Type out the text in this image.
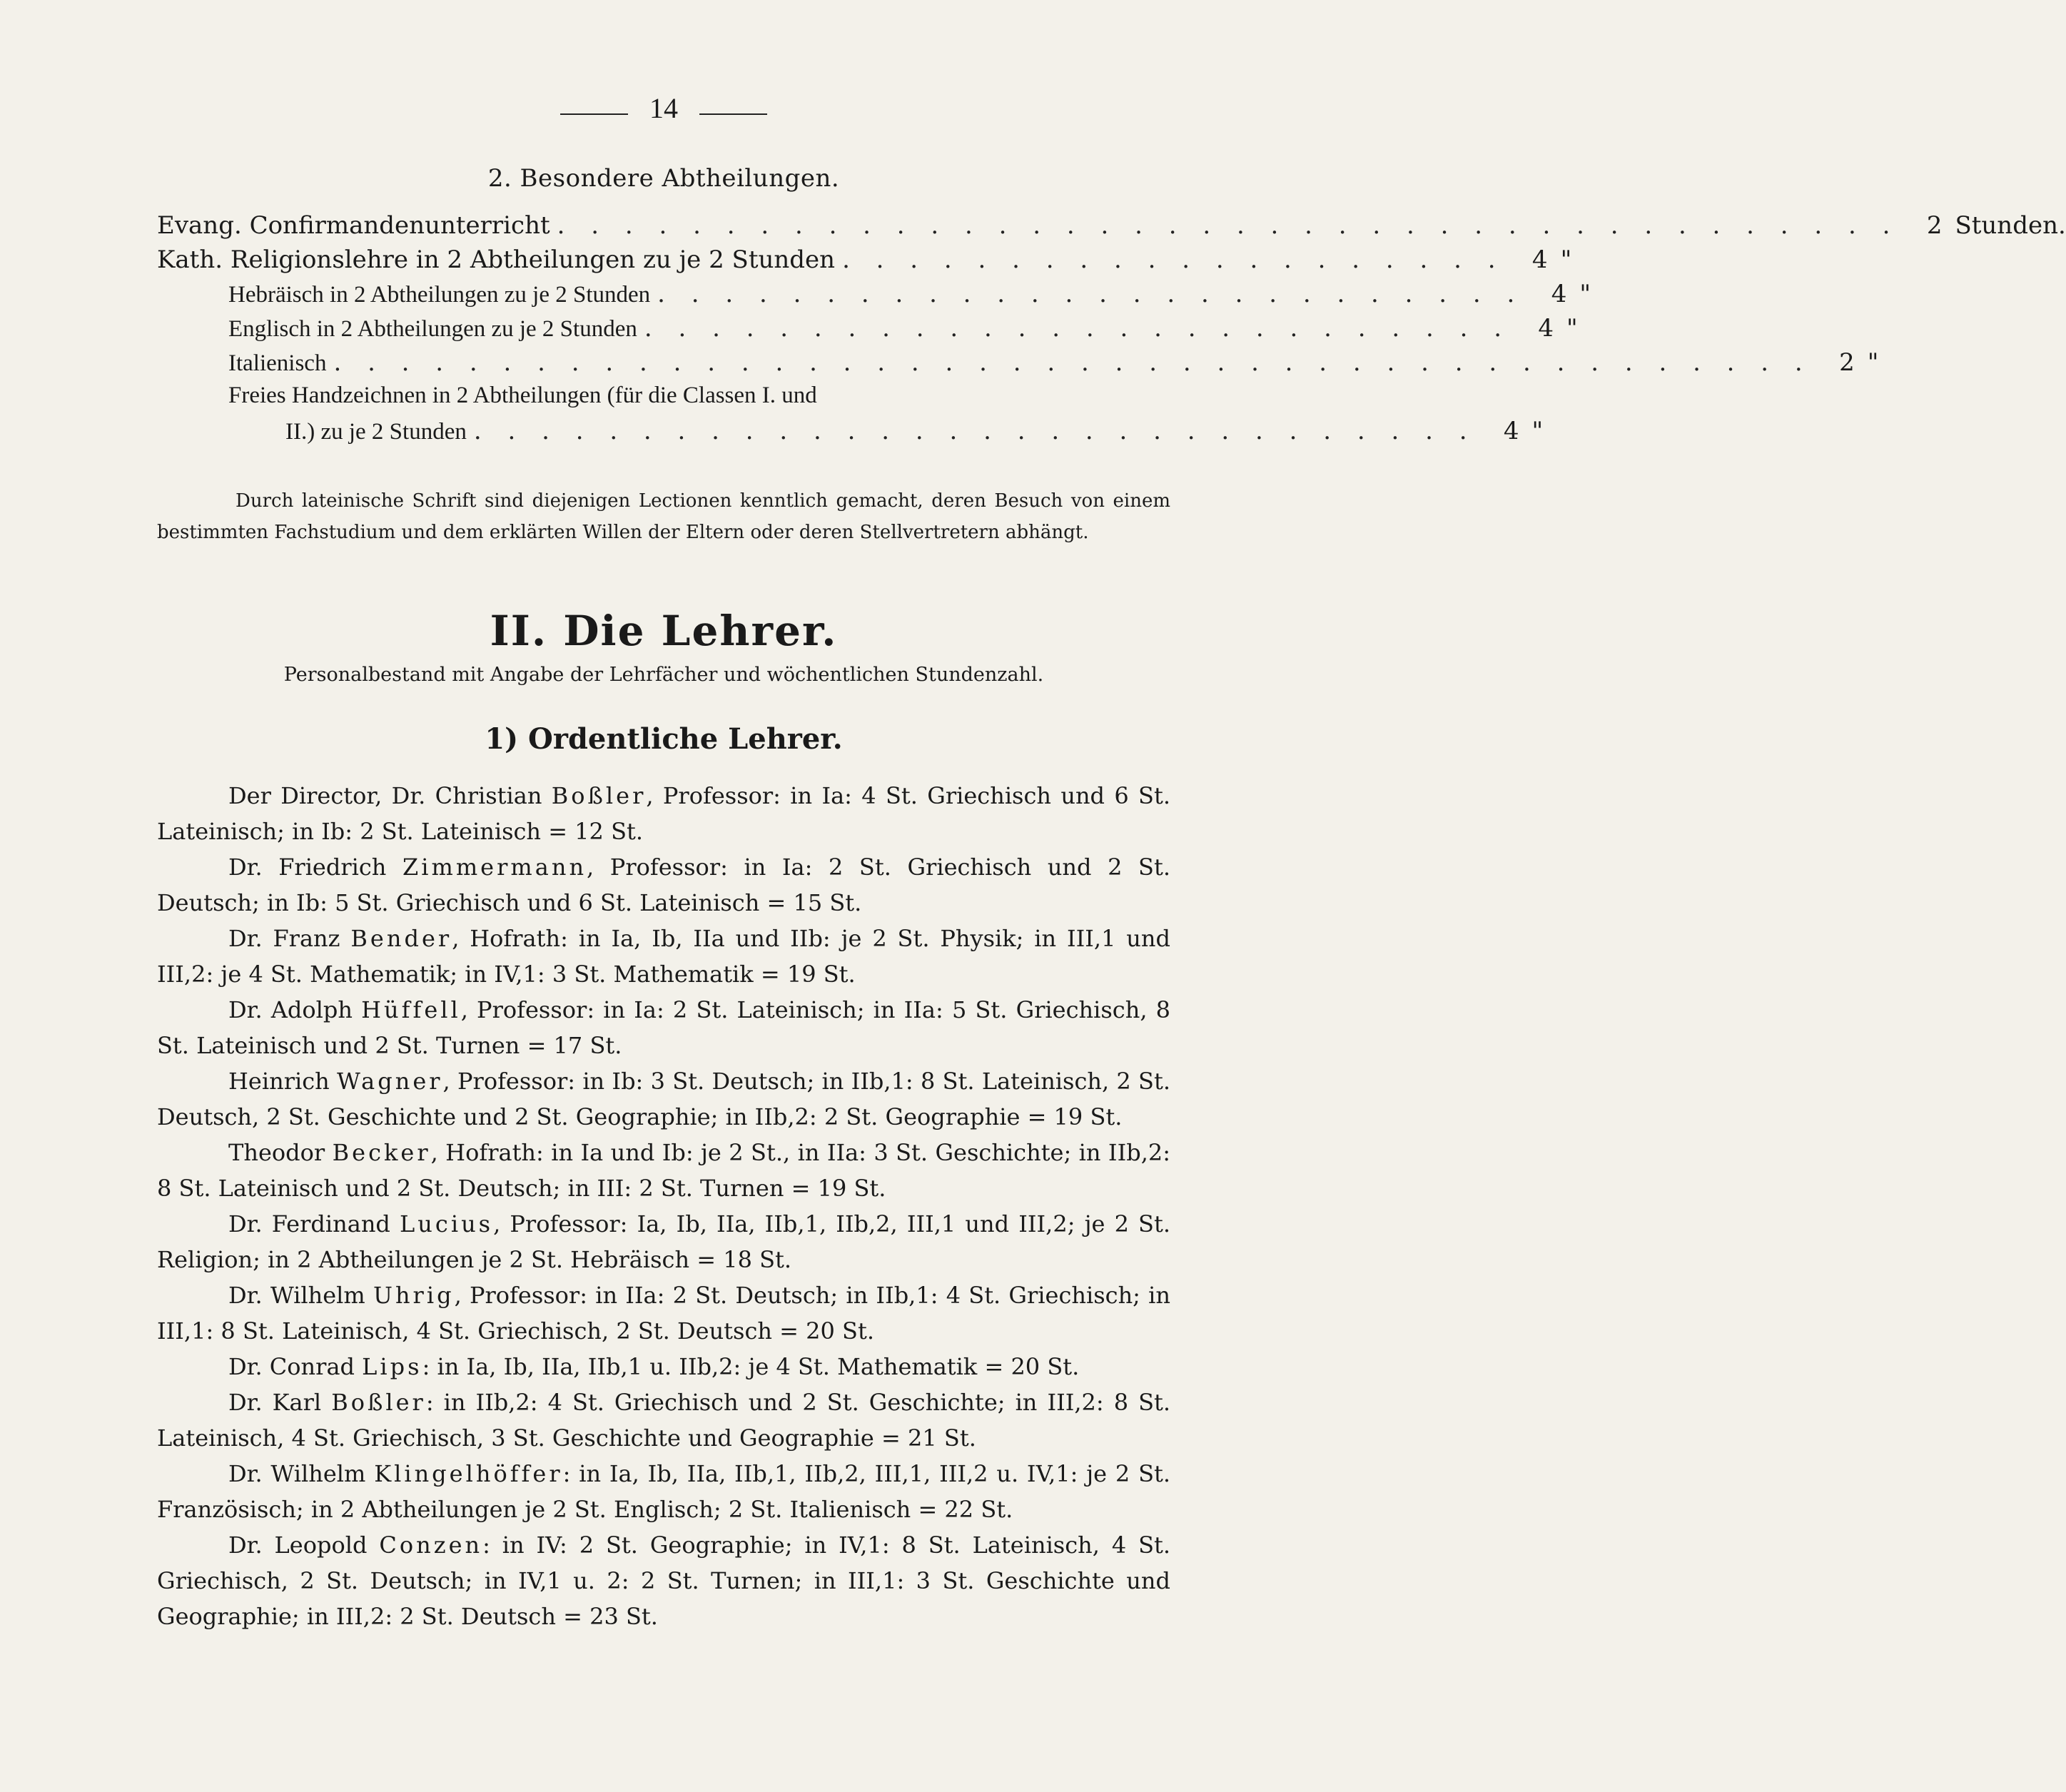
14
2. Besondere Abtheilungen.
Evang. Confirmandenunterricht . . . . . . . . . . . . . . . . . . . . . . . . . . . . . . . . . . . . . . . .	2 Stunden.
Kath. Religionslehre in 2 Abtheilungen zu je 2 Stunden . . . . . . . . . . . . . . . . . . . .	4 "
Hebräisch in 2 Abtheilungen zu je 2 Stunden . . . . . . . . . . . . . . . . . . . . . . . . . .	4 "
Englisch in 2 Abtheilungen zu je 2 Stunden . . . . . . . . . . . . . . . . . . . . . . . . . .	4 "
Italienisch . . . . . . . . . . . . . . . . . . . . . . . . . . . . . . . . . . . . . . . . . . . .	2 "
Freies Handzeichnen in 2 Abtheilungen (für die Classen I. und
II.) zu je 2 Stunden . . . . . . . . . . . . . . . . . . . . . . . . . . . . . .	4 "
Durch lateinische Schrift sind diejenigen Lectionen kenntlich gemacht, deren Besuch von einem bestimmten Fachstudium und dem erklärten Willen der Eltern oder deren Stellvertretern abhängt.
II. Die Lehrer.
Personalbestand mit Angabe der Lehrfächer und wöchentlichen Stundenzahl.
1) Ordentliche Lehrer.

Der Director, Dr. Christian Boßler, Professor: in Ia: 4 St. Griechisch und 6 St. Lateinisch; in Ib: 2 St. Lateinisch = 12 St.

Dr. Friedrich Zimmermann, Professor: in Ia: 2 St. Griechisch und 2 St. Deutsch; in Ib: 5 St. Griechisch und 6 St. Lateinisch = 15 St.

Dr. Franz Bender, Hofrath: in Ia, Ib, IIa und IIb: je 2 St. Physik; in III,1 und III,2: je 4 St. Mathematik; in IV,1: 3 St. Mathematik = 19 St.

Dr. Adolph Hüffell, Professor: in Ia: 2 St. Lateinisch; in IIa: 5 St. Griechisch, 8 St. Lateinisch und 2 St. Turnen = 17 St.

Heinrich Wagner, Professor: in Ib: 3 St. Deutsch; in IIb,1: 8 St. Lateinisch, 2 St. Deutsch, 2 St. Geschichte und 2 St. Geographie; in IIb,2: 2 St. Geographie = 19 St.

Theodor Becker, Hofrath: in Ia und Ib: je 2 St., in IIa: 3 St. Geschichte; in IIb,2: 8 St. Lateinisch und 2 St. Deutsch; in III: 2 St. Turnen = 19 St.

Dr. Ferdinand Lucius, Professor: Ia, Ib, IIa, IIb,1, IIb,2, III,1 und III,2; je 2 St. Religion; in 2 Abtheilungen je 2 St. Hebräisch = 18 St.

Dr. Wilhelm Uhrig, Professor: in IIa: 2 St. Deutsch; in IIb,1: 4 St. Griechisch; in III,1: 8 St. Lateinisch, 4 St. Griechisch, 2 St. Deutsch = 20 St.

Dr. Conrad Lips: in Ia, Ib, IIa, IIb,1 u. IIb,2: je 4 St. Mathematik = 20 St.

Dr. Karl Boßler: in IIb,2: 4 St. Griechisch und 2 St. Geschichte; in III,2: 8 St. Lateinisch, 4 St. Griechisch, 3 St. Geschichte und Geographie = 21 St.

Dr. Wilhelm Klingelhöffer: in Ia, Ib, IIa, IIb,1, IIb,2, III,1, III,2 u. IV,1: je 2 St. Französisch; in 2 Abtheilungen je 2 St. Englisch; 2 St. Italienisch = 22 St.

Dr. Leopold Conzen: in IV: 2 St. Geographie; in IV,1: 8 St. Lateinisch, 4 St. Griechisch, 2 St. Deutsch; in IV,1 u. 2: 2 St. Turnen; in III,1: 3 St. Geschichte und Geographie; in III,2: 2 St. Deutsch = 23 St.
